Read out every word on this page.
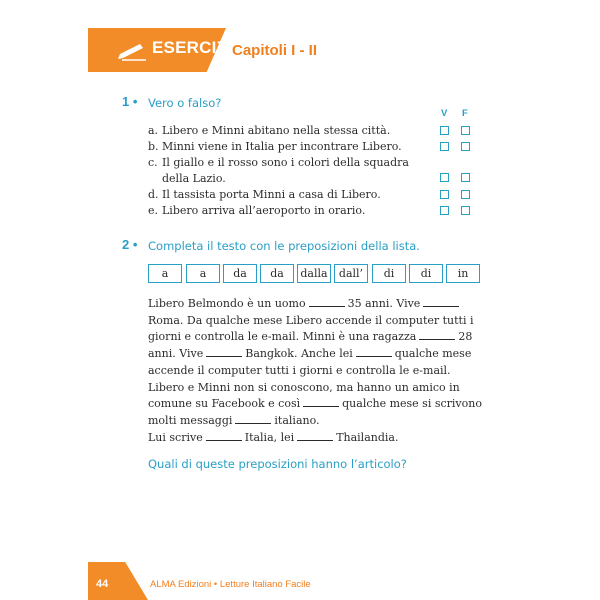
ESERCIZI Capitoli I - II
1 • Vero o falso?
V F
a. Libero e Minni abitano nella stessa città.
b. Minni viene in Italia per incontrare Libero.
c. Il giallo e il rosso sono i colori della squadra
della Lazio.
d. Il tassista porta Minni a casa di Libero.
e. Libero arriva all’aeroporto in orario.
2 • Completa il testo con le preposizioni della lista.
a	a	da	da	dalla	dall’	di	di	in
Libero Belmondo è un uomo	35 anni. Vive
Roma. Da qualche mese Libero accende il computer tutti i
giorni e controlla le e-mail. Minni è una ragazza	28
anni. Vive	Bangkok. Anche lei	qualche mese
accende il computer tutti i giorni e controlla le e-mail.
Libero e Minni non si conoscono, ma hanno un amico in
comune su Facebook e così	qualche mese si scrivono
molti messaggi	italiano.
Lui scrive	Italia, lei	Thailandia.
Quali di queste preposizioni hanno l’articolo?
44	ALMA Edizioni • Letture Italiano Facile
